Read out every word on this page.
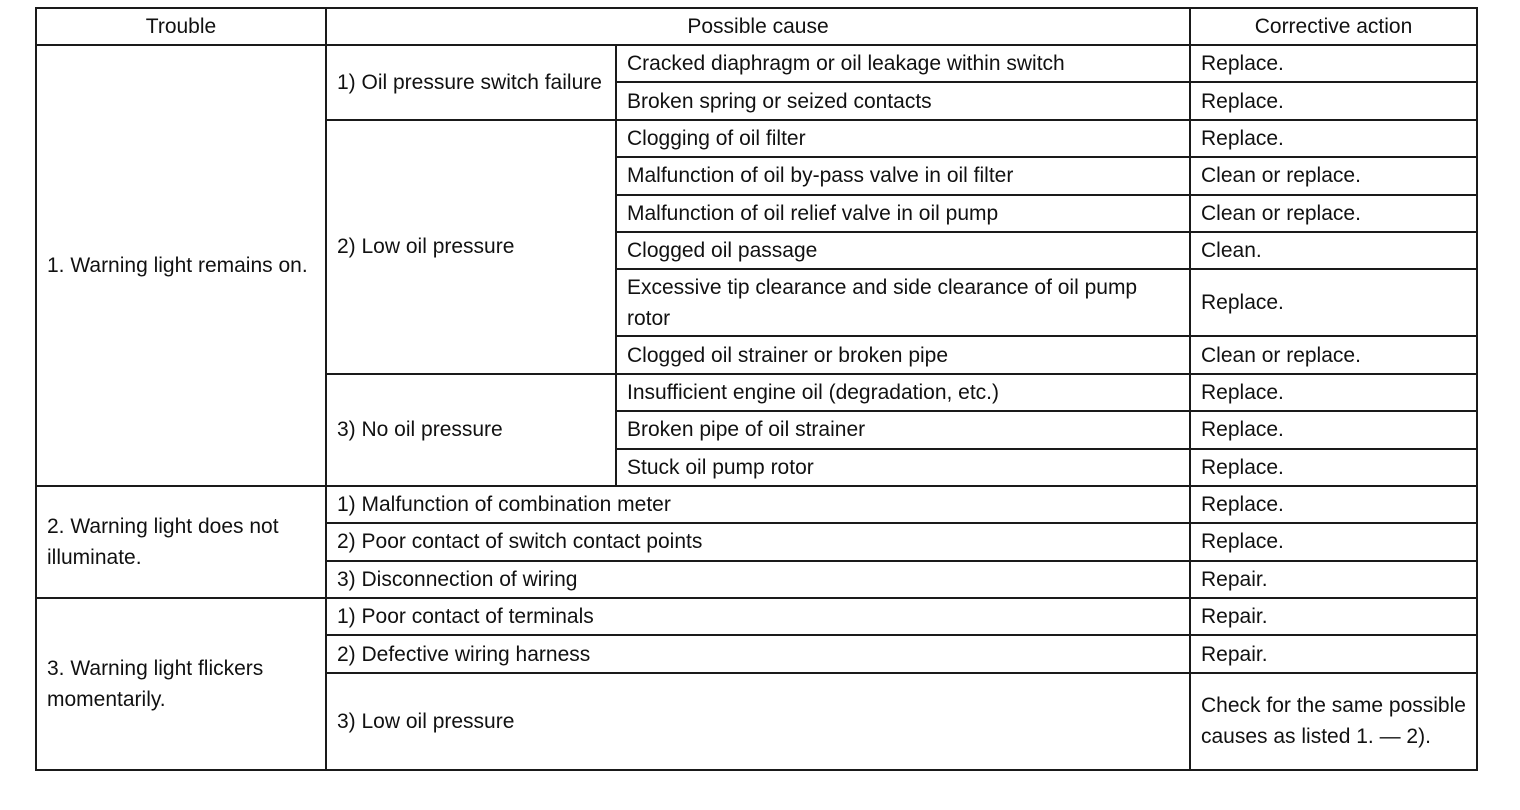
Trouble	Possible cause		Corrective action
1. Warning light remains on.	1) Oil pressure switch failure	Cracked diaphragm or oil leakage within switch	Replace.
		Broken spring or seized contacts	Replace.
	2) Low oil pressure	Clogging of oil filter	Replace.
		Malfunction of oil by-pass valve in oil filter	Clean or replace.
		Malfunction of oil relief valve in oil pump	Clean or replace.
		Clogged oil passage	Clean.
		Excessive tip clearance and side clearance of oil pump rotor	Replace.
		Clogged oil strainer or broken pipe	Clean or replace.
	3) No oil pressure	Insufficient engine oil (degradation, etc.)	Replace.
		Broken pipe of oil strainer	Replace.
		Stuck oil pump rotor	Replace.
2. Warning light does not illuminate.	1) Malfunction of combination meter		Replace.
	2) Poor contact of switch contact points		Replace.
	3) Disconnection of wiring		Repair.
3. Warning light flickers momentarily.	1) Poor contact of terminals		Repair.
	2) Defective wiring harness		Repair.
	3) Low oil pressure		Check for the same possible causes as listed 1. — 2).
